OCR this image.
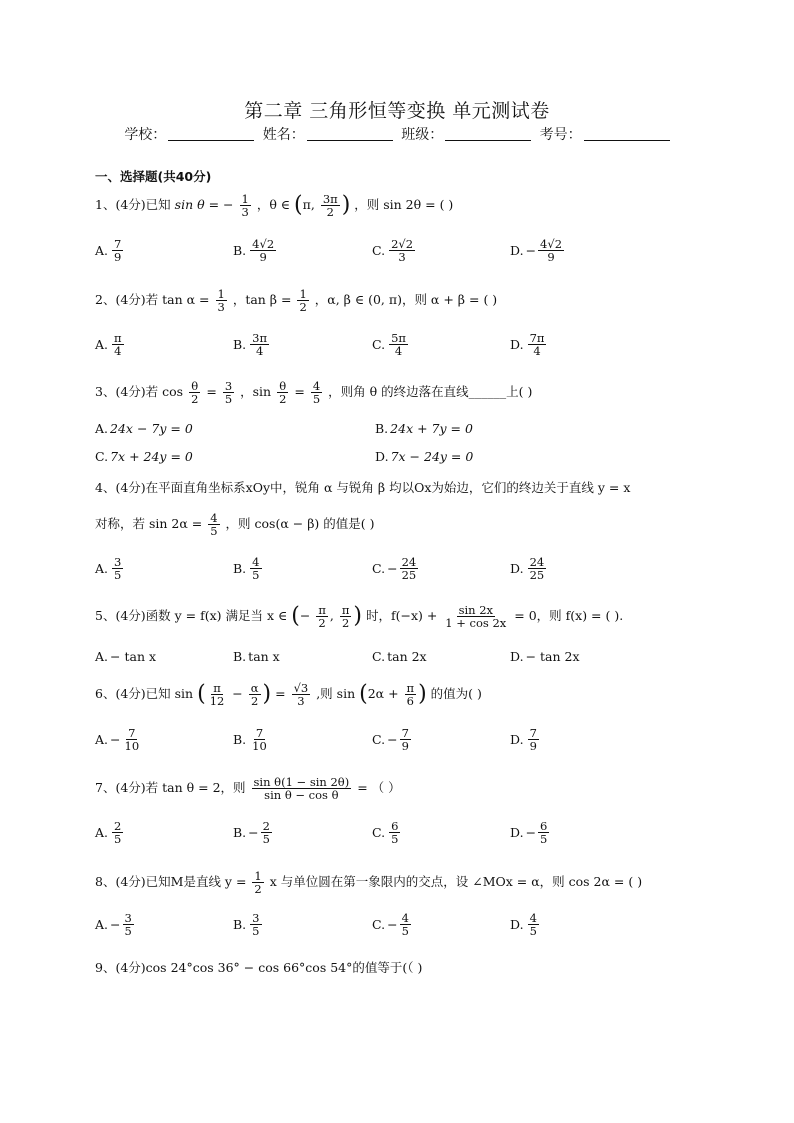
第二章 三角形恒等变换 单元测试卷
学校：	姓名：	班级：	考号：
一、选择题(共40分)
1、(4分)已知 sin θ = − $\frac{1}{3}$ ，θ ∈ (π, $\frac{3\pi}{2}$ ) ，则 sin 2θ = ( )
A. $\frac{7}{9}$	B. $\frac{4√2}{9}$	C. $\frac{2√2}{3}$	D. − $\frac{4√2}{9}$
2、(4分)若 $\tan \alpha = \frac{1}{3}$ ，$\tan \beta = \frac{1}{2}$ ，α, β ∈ (0, π)，则 α + β = ( )
A. $\frac{\pi}{4}$	B. $\frac{3\pi}{4}$	C. $\frac{5\pi}{4}$	D. $\frac{7\pi}{4}$
3、(4分)若 $\cos \frac{\theta}{2} = \frac{3}{5}$ ，$\sin \frac{\theta}{2} = \frac{4}{5}$ ，则角 θ 的终边落在直线______上( )
A. 24x − 7y = 0	B. 24x + 7y = 0
C. 7x + 24y = 0	D. 7x − 24y = 0
4、(4分)在平面直角坐标系xOy中，锐角 α 与锐角 β 均以Ox为始边，它们的终边关于直线 y = x
对称，若 $\sin 2\alpha = \frac{4}{5}$ ，则 cos(α − β) 的值是( )
A. $\frac{3}{5}$	B. $\frac{4}{5}$	C. − $\frac{24}{25}$	D. $\frac{24}{25}$
5、(4分)函数 y = f(x) 满足当 x ∈ (− $\frac{\pi}{2}$ , $\frac{\pi}{2}$ ) 时，$f(-x) + \frac{\sin 2x}{1 + \cos 2x} = 0$，则 f(x) = ( ).
A. − tan x	B. tan x	C. tan 2x	D. − tan 2x
6、(4分)已知 sin ( $\frac{\pi}{12} - \frac{\alpha}{2}$ ) = $\frac{√3}{3}$ ,则 $\sin (2\alpha + \frac{\pi}{6}$ ) 的值为( )
A. − $\frac{7}{10}$	B. $\frac{7}{10}$	C. − $\frac{7}{9}$	D. $\frac{7}{9}$
7、(4分)若 tan θ = 2，则 $\frac{\text{sin θ(1 − sin 2θ)}}{\text{sin θ − cos θ}}$ = （ ）
A. $\frac{2}{5}$	B. − $\frac{2}{5}$	C. $\frac{6}{5}$	D. − $\frac{6}{5}$
8、(4分)已知M是直线 $y = \frac{1}{2}$ x 与单位圆在第一象限内的交点，设 ∠MOx = α，则 cos 2α = ( )
A. − $\frac{3}{5}$	B. $\frac{3}{5}$	C. − $\frac{4}{5}$	D. $\frac{4}{5}$
9、(4分)cos 24°cos 36° − cos 66°cos 54°的值等于(（ )
